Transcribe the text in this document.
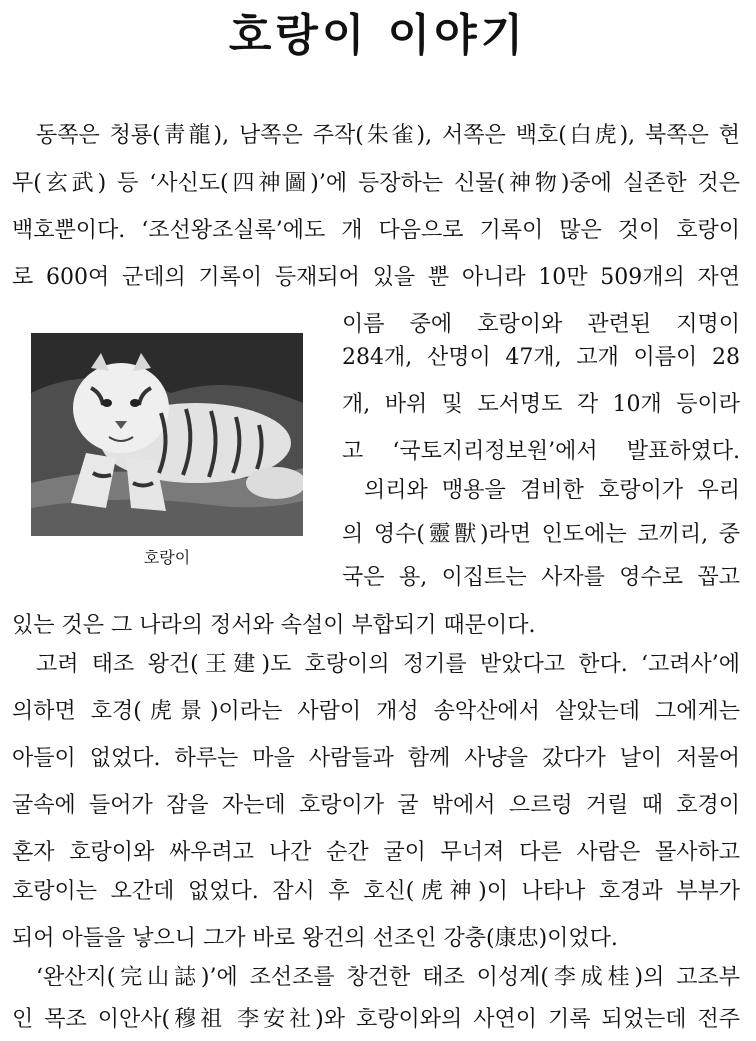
호랑이 이야기
동쪽은 청룡(靑龍), 남쪽은 주작(朱雀), 서쪽은 백호(白虎), 북쪽은 현
무(玄武) 등 ‘사신도(四神圖)’에 등장하는 신물(神物)중에 실존한 것은
백호뿐이다. ‘조선왕조실록’에도 개 다음으로 기록이 많은 것이 호랑이
로 600여 군데의 기록이 등재되어 있을 뿐 아니라 10만 509개의 자연
이름 중에 호랑이와 관련된 지명이
284개, 산명이 47개, 고개 이름이 28
개, 바위 및 도서명도 각 10개 등이라
고 ‘국토지리정보원’에서 발표하였다.
의리와 맹용을 겸비한 호랑이가 우리
의 영수(靈獸)라면 인도에는 코끼리, 중
국은 용, 이집트는 사자를 영수로 꼽고
호랑이
있는 것은 그 나라의 정서와 속설이 부합되기 때문이다.
고려 태조 왕건(王建)도 호랑이의 정기를 받았다고 한다. ‘고려사’에
의하면 호경(虎景)이라는 사람이 개성 송악산에서 살았는데 그에게는
아들이 없었다. 하루는 마을 사람들과 함께 사냥을 갔다가 날이 저물어
굴속에 들어가 잠을 자는데 호랑이가 굴 밖에서 으르렁 거릴 때 호경이
혼자 호랑이와 싸우려고 나간 순간 굴이 무너져 다른 사람은 몰사하고
호랑이는 오간데 없었다. 잠시 후 호신(虎神)이 나타나 호경과 부부가
되어 아들을 낳으니 그가 바로 왕건의 선조인 강충(康忠)이었다.
‘완산지(完山誌)’에 조선조를 창건한 태조 이성계(李成桂)의 고조부
인 목조 이안사(穆祖 李安社)와 호랑이와의 사연이 기록 되었는데 전주
